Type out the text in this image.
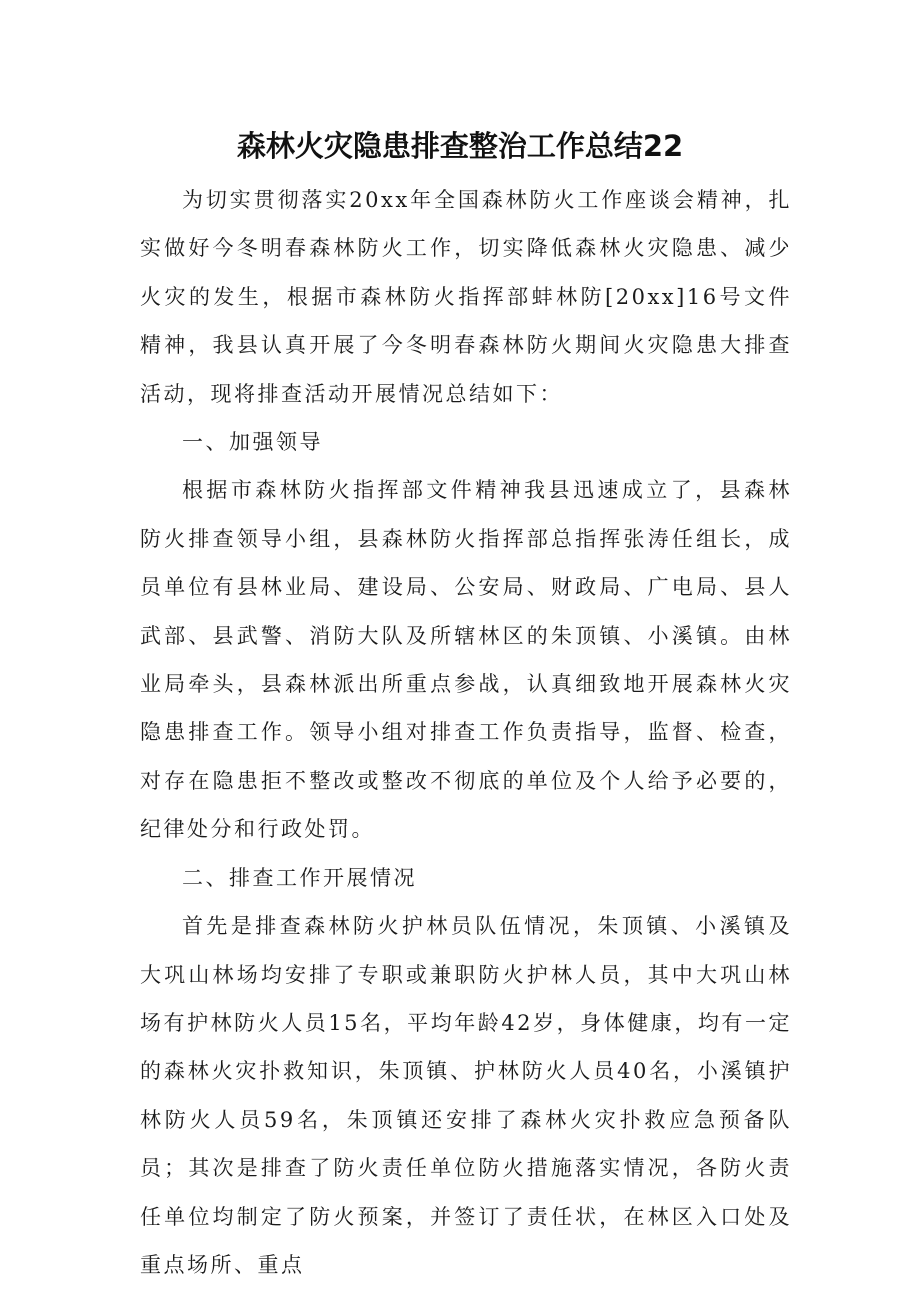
森林火灾隐患排查整治工作总结22

为切实贯彻落实20xx年全国森林防火工作座谈会精神，扎实做好今冬明春森林防火工作，切实降低森林火灾隐患、减少火灾的发生，根据市森林防火指挥部蚌林防[20xx]16号文件精神，我县认真开展了今冬明春森林防火期间火灾隐患大排查活动，现将排查活动开展情况总结如下：

一、加强领导

根据市森林防火指挥部文件精神我县迅速成立了，县森林防火排查领导小组，县森林防火指挥部总指挥张涛任组长，成员单位有县林业局、建设局、公安局、财政局、广电局、县人武部、县武警、消防大队及所辖林区的朱顶镇、小溪镇。由林业局牵头，县森林派出所重点参战，认真细致地开展森林火灾隐患排查工作。领导小组对排查工作负责指导，监督、检查，对存在隐患拒不整改或整改不彻底的单位及个人给予必要的，纪律处分和行政处罚。

二、排查工作开展情况

首先是排查森林防火护林员队伍情况，朱顶镇、小溪镇及大巩山林场均安排了专职或兼职防火护林人员，其中大巩山林场有护林防火人员15名，平均年龄42岁，身体健康，均有一定的森林火灾扑救知识，朱顶镇、护林防火人员40名，小溪镇护林防火人员59名，朱顶镇还安排了森林火灾扑救应急预备队员；其次是排查了防火责任单位防火措施落实情况，各防火责任单位均制定了防火预案，并签订了责任状，在林区入口处及重点场所、重点
